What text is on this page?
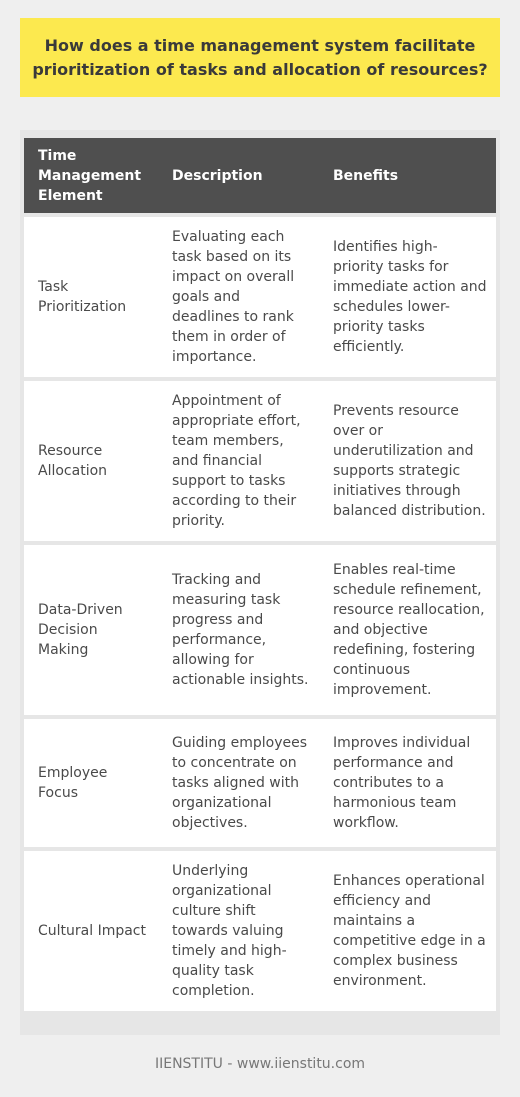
How does a time management system facilitate prioritization of tasks and allocation of resources?
Time Management Element	Description	Benefits
Task Prioritization	Evaluating each task based on its impact on overall goals and deadlines to rank them in order of importance.	Identifies high-priority tasks for immediate action and schedules lower-priority tasks efficiently.
Resource Allocation	Appointment of appropriate effort, team members, and financial support to tasks according to their priority.	Prevents resource over or underutilization and supports strategic initiatives through balanced distribution.
Data-Driven Decision Making	Tracking and measuring task progress and performance, allowing for actionable insights.	Enables real-time schedule refinement, resource reallocation, and objective redefining, fostering continuous improvement.
Employee Focus	Guiding employees to concentrate on tasks aligned with organizational objectives.	Improves individual performance and contributes to a harmonious team workflow.
Cultural Impact	Underlying organizational culture shift towards valuing timely and high-quality task completion.	Enhances operational efficiency and maintains a competitive edge in a complex business environment.
IIENSTITU - www.iienstitu.com
